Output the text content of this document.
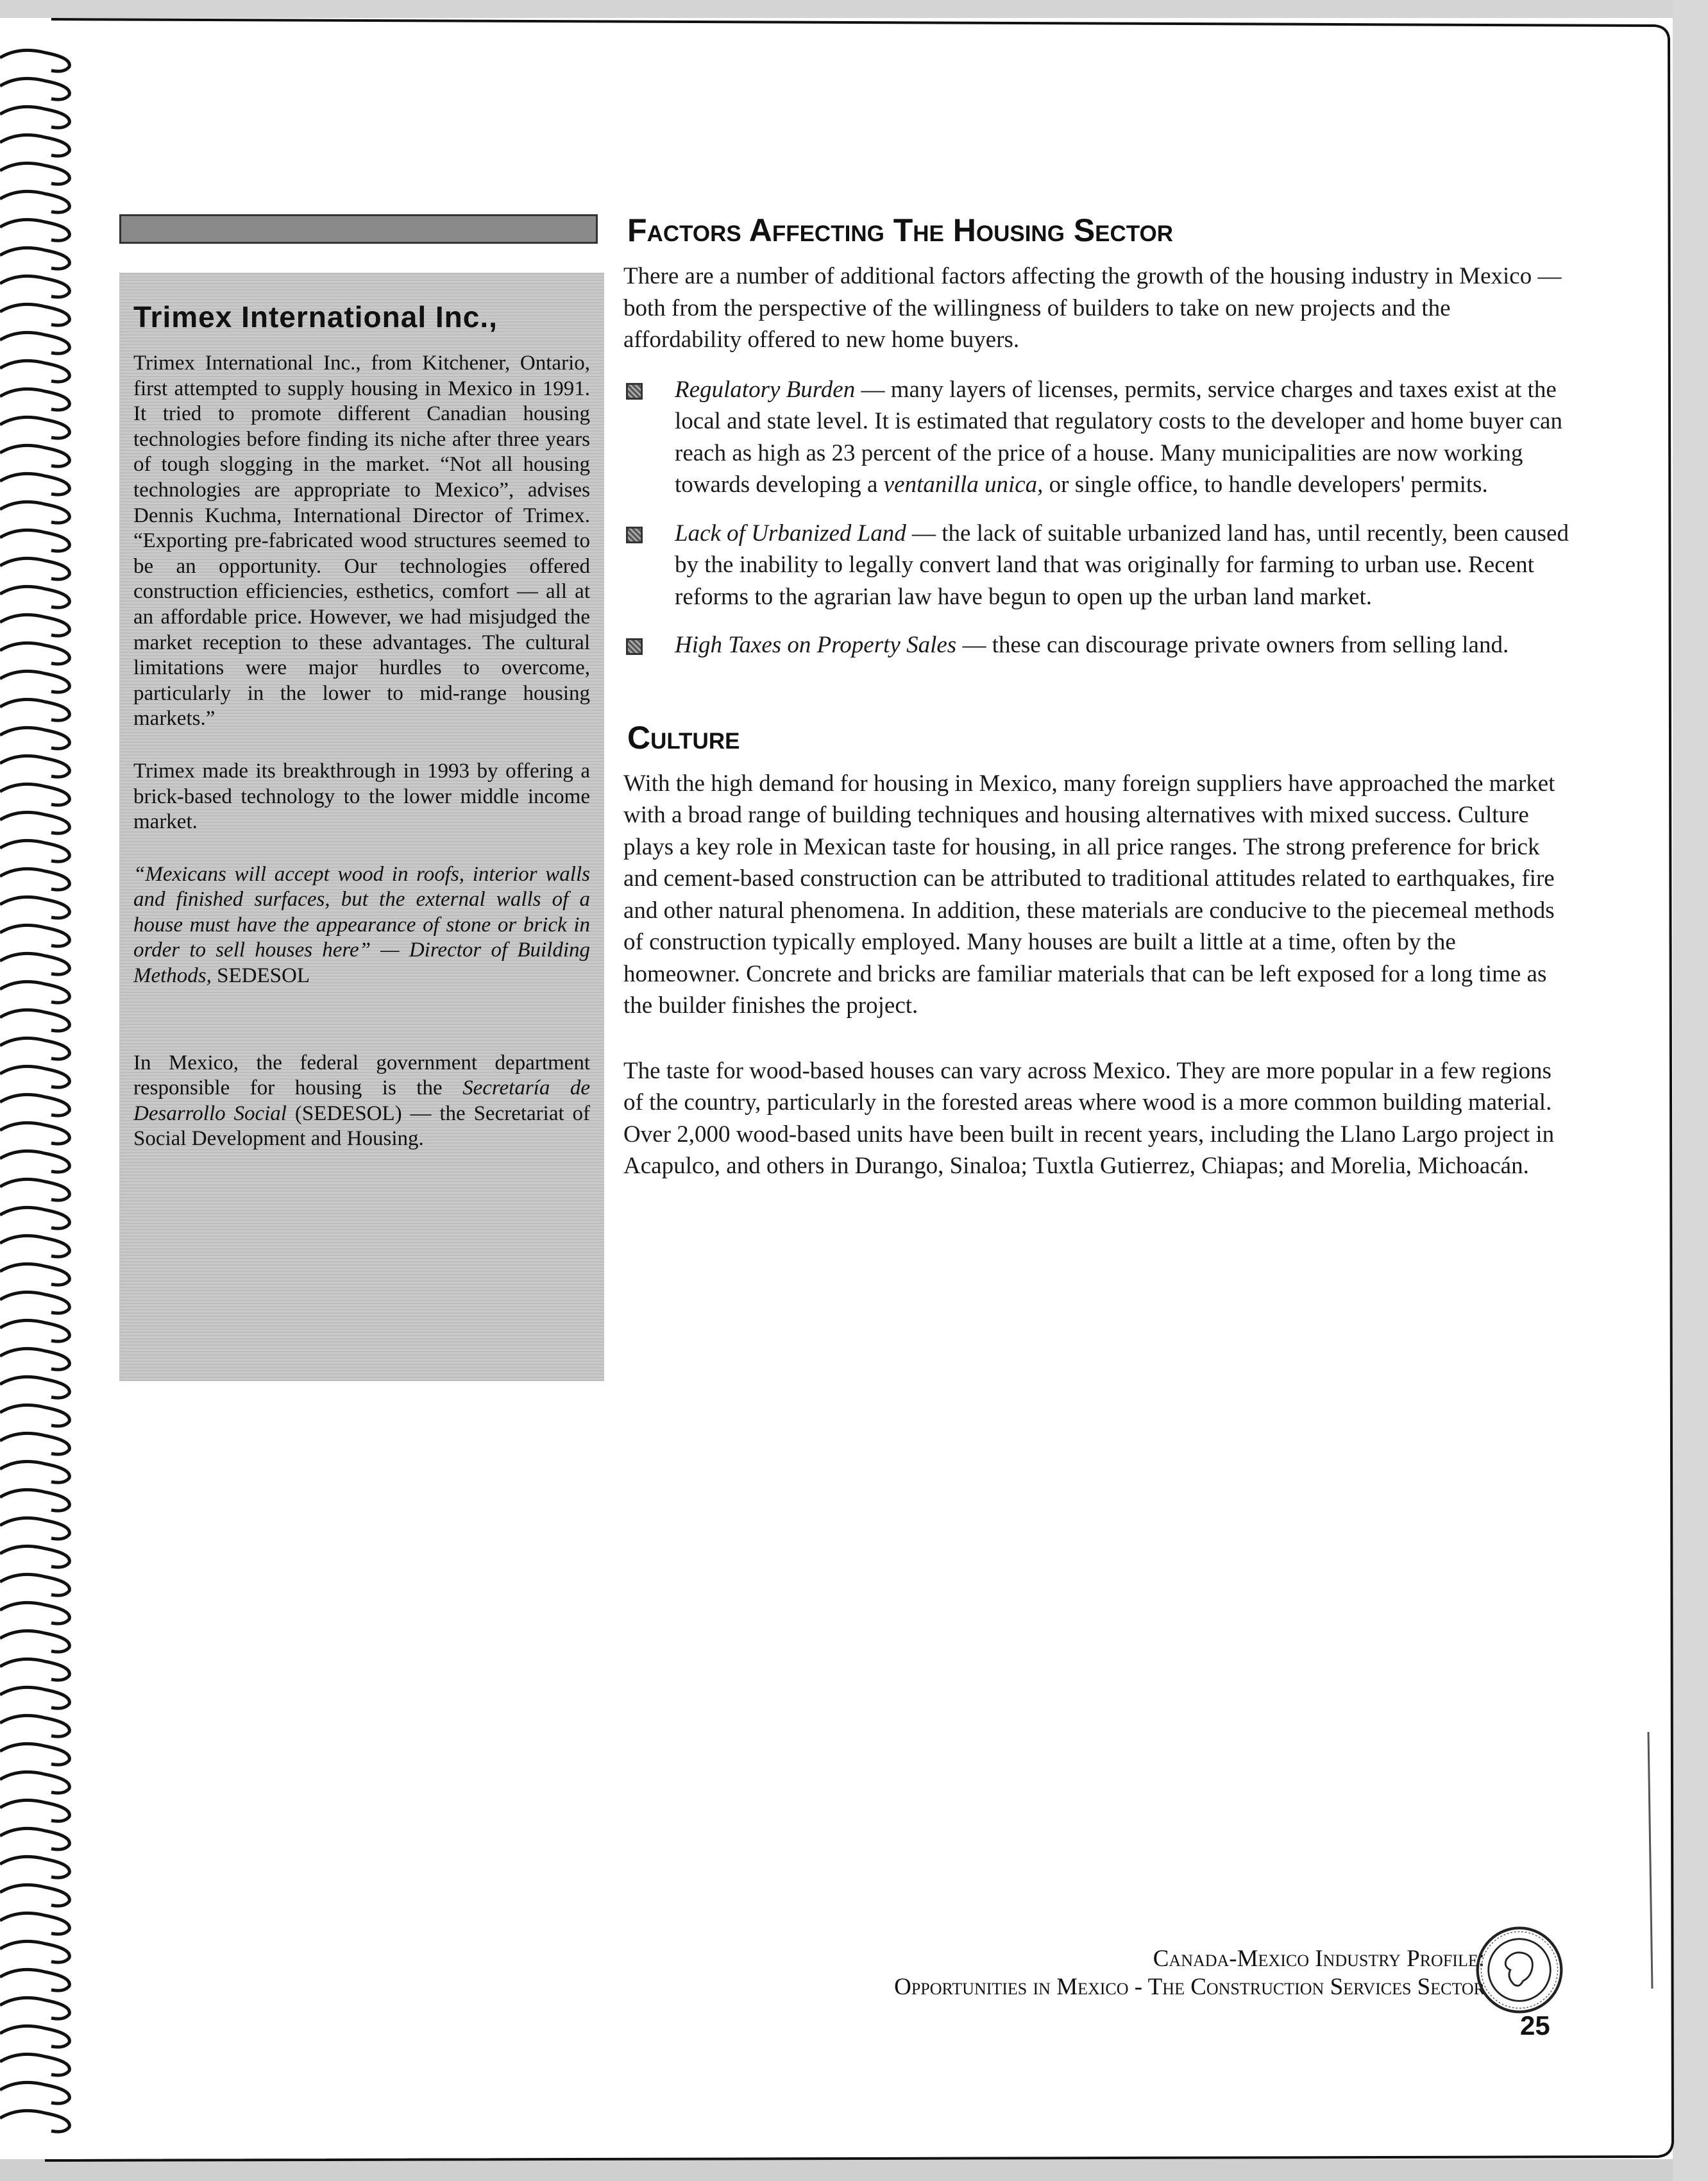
Trimex International Inc.,

Trimex International Inc., from Kitchener, Ontario, first attempted to supply housing in Mexico in 1991. It tried to promote different Canadian housing technologies before finding its niche after three years of tough slogging in the market. “Not all housing technologies are appropriate to Mexico”, advises Dennis Kuchma, International Director of Trimex. “Exporting pre-fabricated wood structures seemed to be an opportunity. Our technologies offered construction efficiencies, esthetics, comfort — all at an affordable price. However, we had misjudged the market reception to these advantages. The cultural limitations were major hurdles to overcome, particularly in the lower to mid-range housing markets.”

Trimex made its breakthrough in 1993 by offering a brick-based technology to the lower middle income market.

“Mexicans will accept wood in roofs, interior walls and finished surfaces, but the external walls of a house must have the appearance of stone or brick in order to sell houses here” — Director of Building Methods, SEDESOL

In Mexico, the federal government department responsible for housing is the Secretaría de Desarrollo Social (SEDESOL) — the Secretariat of Social Development and Housing.

Factors Affecting The Housing Sector

There are a number of additional factors affecting the growth of the housing industry in Mexico — both from the perspective of the willingness of builders to take on new projects and the affordability offered to new home buyers.

Regulatory Burden — many layers of licenses, permits, service charges and taxes exist at the local and state level. It is estimated that regulatory costs to the developer and home buyer can reach as high as 23 percent of the price of a house. Many municipalities are now working towards developing a ventanilla unica, or single office, to handle developers' permits.
Lack of Urbanized Land — the lack of suitable urbanized land has, until recently, been caused by the inability to legally convert land that was originally for farming to urban use. Recent reforms to the agrarian law have begun to open up the urban land market.
High Taxes on Property Sales — these can discourage private owners from selling land.
Culture

With the high demand for housing in Mexico, many foreign suppliers have approached the market with a broad range of building techniques and housing alternatives with mixed success. Culture plays a key role in Mexican taste for housing, in all price ranges. The strong preference for brick and cement-based construction can be attributed to traditional attitudes related to earthquakes, fire and other natural phenomena. In addition, these materials are conducive to the piecemeal methods of construction typically employed. Many houses are built a little at a time, often by the homeowner. Concrete and bricks are familiar materials that can be left exposed for a long time as the builder finishes the project.

The taste for wood-based houses can vary across Mexico. They are more popular in a few regions of the country, particularly in the forested areas where wood is a more common building material. Over 2,000 wood-based units have been built in recent years, including the Llano Largo project in Acapulco, and others in Durango, Sinaloa; Tuxtla Gutierrez, Chiapas; and Morelia, Michoacán.

Canada-Mexico Industry Profile:
Opportunities in Mexico - The Construction Services Sector
25
